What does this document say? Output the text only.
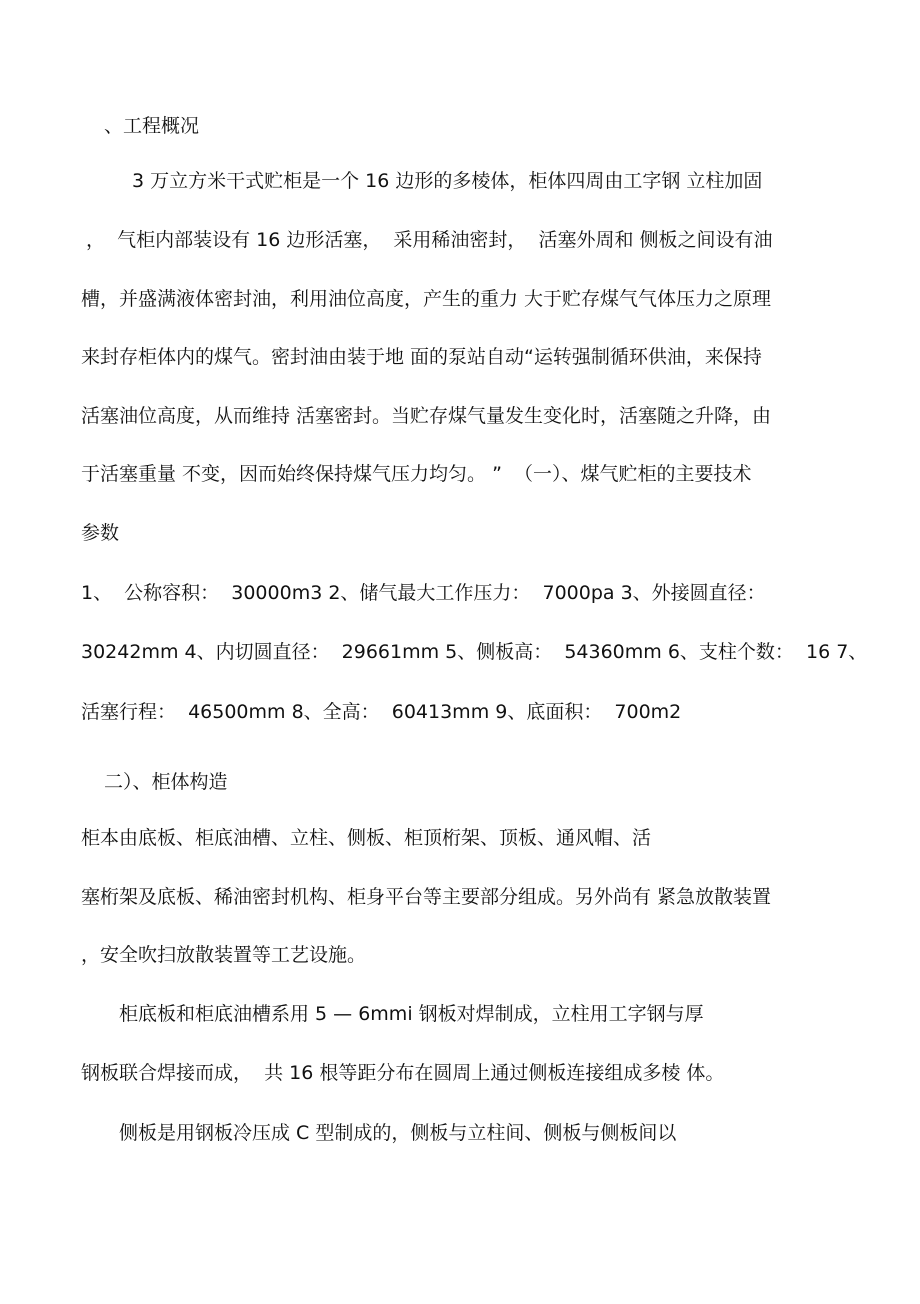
、工程概况
3 万立方米干式贮柜是一个 16 边形的多棱体，柜体四周由工字钢 立柱加固
，  气柜内部装设有 16 边形活塞，  采用稀油密封，  活塞外周和 侧板之间设有油
槽，并盛满液体密封油，利用油位高度，产生的重力 大于贮存煤气气体压力之原理
来封存柜体内的煤气。密封油由装于地 面的泵站自动“运转强制循环供油，来保持
活塞油位高度，从而维持 活塞密封。当贮存煤气量发生变化时，活塞随之升降，由
于活塞重量 不变，因而始终保持煤气压力均匀。 ”  （一）、煤气贮柜的主要技术
参数
1、  公称容积：  30000m3 2、储气最大工作压力：  7000pa 3、外接圆直径：
30242mm 4、内切圆直径：  29661mm 5、侧板高：  54360mm 6、支柱个数：  16 7、
活塞行程：  46500mm 8、全高：  60413mm 9、底面积：  700m2
二）、柜体构造
柜本由底板、柜底油槽、立柱、侧板、柜顶桁架、顶板、通风帽、活
塞桁架及底板、稀油密封机构、柜身平台等主要部分组成。另外尚有 紧急放散装置
，安全吹扫放散装置等工艺设施。
柜底板和柜底油槽系用 5 — 6mmi 钢板对焊制成，立柱用工字钢与厚
钢板联合焊接而成，  共 16 根等距分布在圆周上通过侧板连接组成多棱 体。
侧板是用钢板冷压成 C 型制成的，侧板与立柱间、侧板与侧板间以
